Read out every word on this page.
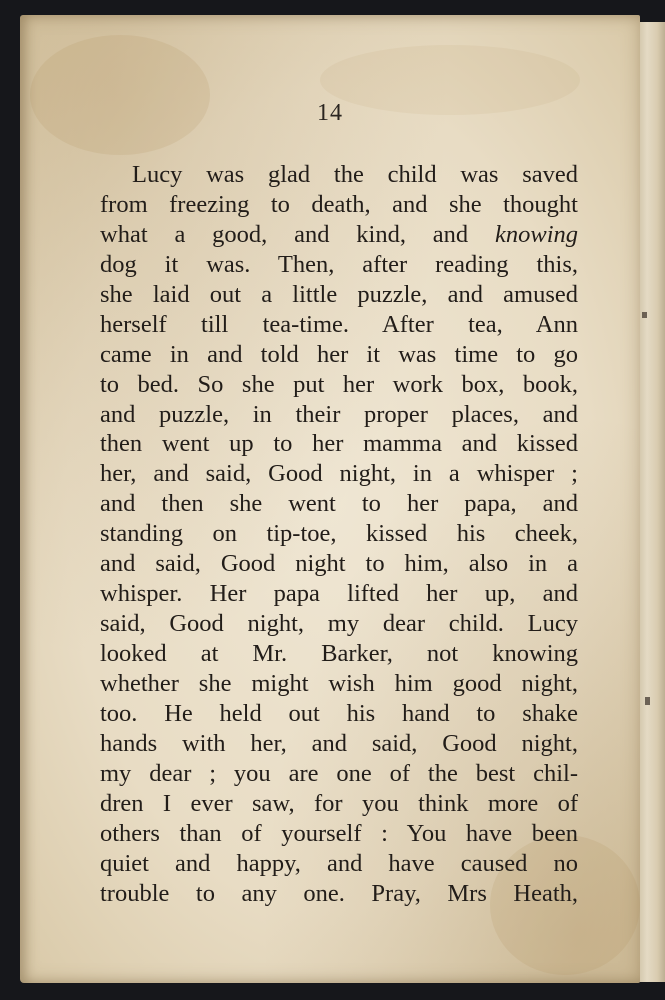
14
Lucy was glad the child was saved
from freezing to death, and she thought
what a good, and kind, and knowing
dog it was. Then, after reading this,
she laid out a little puzzle, and amused
herself till tea-time. After tea, Ann
came in and told her it was time to go
to bed. So she put her work box, book,
and puzzle, in their proper places, and
then went up to her mamma and kissed
her, and said, Good night, in a whisper ;
and then she went to her papa, and
standing on tip-toe, kissed his cheek,
and said, Good night to him, also in a
whisper. Her papa lifted her up, and
said, Good night, my dear child. Lucy
looked at Mr. Barker, not knowing
whether she might wish him good night,
too. He held out his hand to shake
hands with her, and said, Good night,
my dear ; you are one of the best chil-
dren I ever saw, for you think more of
others than of yourself : You have been
quiet and happy, and have caused no
trouble to any one. Pray, Mrs Heath,
